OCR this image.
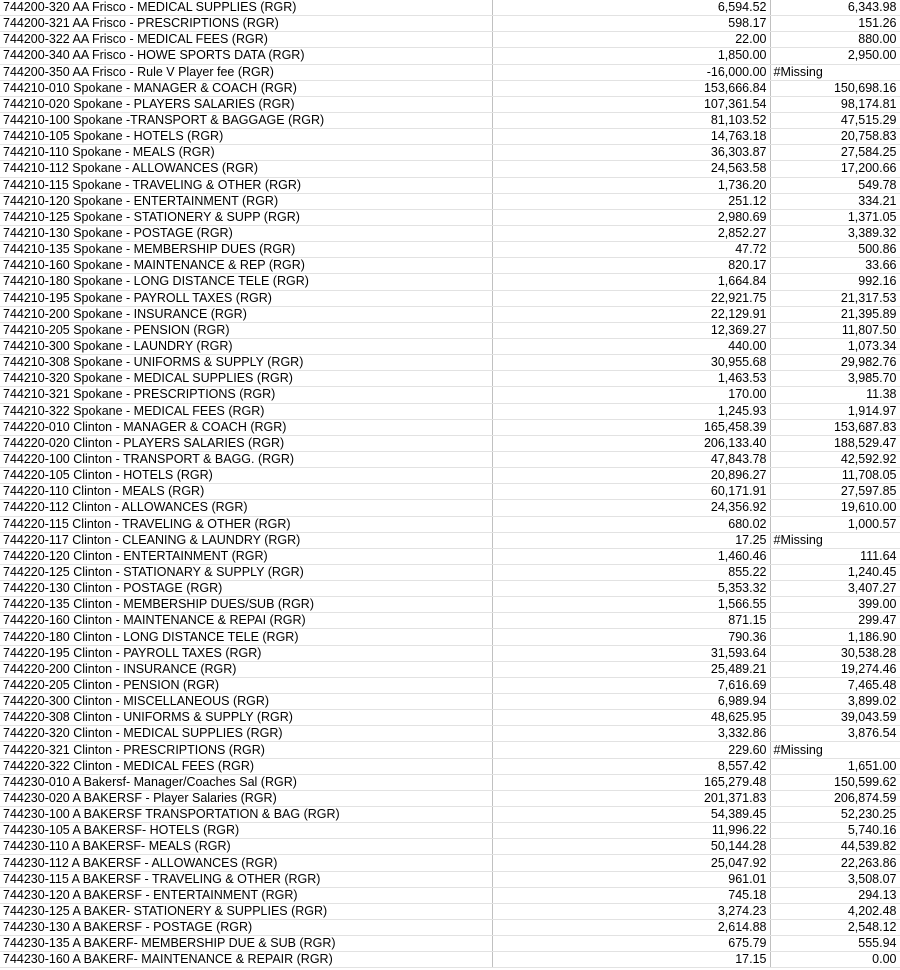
744200-320 AA Frisco - MEDICAL SUPPLIES (RGR)	6,594.52	6,343.98
744200-321 AA Frisco - PRESCRIPTIONS (RGR)	598.17	151.26
744200-322 AA Frisco - MEDICAL FEES (RGR)	22.00	880.00
744200-340 AA Frisco - HOWE SPORTS DATA (RGR)	1,850.00	2,950.00
744200-350 AA Frisco - Rule V Player fee (RGR)	-16,000.00	#Missing
744210-010 Spokane - MANAGER & COACH (RGR)	153,666.84	150,698.16
744210-020 Spokane - PLAYERS SALARIES (RGR)	107,361.54	98,174.81
744210-100 Spokane -TRANSPORT & BAGGAGE (RGR)	81,103.52	47,515.29
744210-105 Spokane - HOTELS (RGR)	14,763.18	20,758.83
744210-110 Spokane - MEALS (RGR)	36,303.87	27,584.25
744210-112 Spokane - ALLOWANCES (RGR)	24,563.58	17,200.66
744210-115 Spokane - TRAVELING & OTHER (RGR)	1,736.20	549.78
744210-120 Spokane - ENTERTAINMENT (RGR)	251.12	334.21
744210-125 Spokane - STATIONERY & SUPP (RGR)	2,980.69	1,371.05
744210-130 Spokane - POSTAGE (RGR)	2,852.27	3,389.32
744210-135 Spokane - MEMBERSHIP DUES (RGR)	47.72	500.86
744210-160 Spokane - MAINTENANCE & REP (RGR)	820.17	33.66
744210-180 Spokane - LONG DISTANCE TELE (RGR)	1,664.84	992.16
744210-195 Spokane - PAYROLL TAXES (RGR)	22,921.75	21,317.53
744210-200 Spokane - INSURANCE (RGR)	22,129.91	21,395.89
744210-205 Spokane - PENSION (RGR)	12,369.27	11,807.50
744210-300 Spokane - LAUNDRY (RGR)	440.00	1,073.34
744210-308 Spokane - UNIFORMS & SUPPLY (RGR)	30,955.68	29,982.76
744210-320 Spokane - MEDICAL SUPPLIES (RGR)	1,463.53	3,985.70
744210-321 Spokane - PRESCRIPTIONS (RGR)	170.00	11.38
744210-322 Spokane - MEDICAL FEES (RGR)	1,245.93	1,914.97
744220-010 Clinton - MANAGER & COACH (RGR)	165,458.39	153,687.83
744220-020 Clinton - PLAYERS SALARIES (RGR)	206,133.40	188,529.47
744220-100 Clinton - TRANSPORT & BAGG. (RGR)	47,843.78	42,592.92
744220-105 Clinton - HOTELS (RGR)	20,896.27	11,708.05
744220-110 Clinton - MEALS (RGR)	60,171.91	27,597.85
744220-112 Clinton - ALLOWANCES (RGR)	24,356.92	19,610.00
744220-115 Clinton - TRAVELING & OTHER (RGR)	680.02	1,000.57
744220-117 Clinton - CLEANING & LAUNDRY (RGR)	17.25	#Missing
744220-120 Clinton - ENTERTAINMENT (RGR)	1,460.46	111.64
744220-125 Clinton - STATIONARY & SUPPLY (RGR)	855.22	1,240.45
744220-130 Clinton - POSTAGE (RGR)	5,353.32	3,407.27
744220-135 Clinton - MEMBERSHIP DUES/SUB (RGR)	1,566.55	399.00
744220-160 Clinton - MAINTENANCE & REPAI (RGR)	871.15	299.47
744220-180 Clinton - LONG DISTANCE TELE (RGR)	790.36	1,186.90
744220-195 Clinton - PAYROLL TAXES (RGR)	31,593.64	30,538.28
744220-200 Clinton - INSURANCE (RGR)	25,489.21	19,274.46
744220-205 Clinton - PENSION (RGR)	7,616.69	7,465.48
744220-300 Clinton - MISCELLANEOUS (RGR)	6,989.94	3,899.02
744220-308 Clinton - UNIFORMS & SUPPLY (RGR)	48,625.95	39,043.59
744220-320 Clinton - MEDICAL SUPPLIES (RGR)	3,332.86	3,876.54
744220-321 Clinton - PRESCRIPTIONS (RGR)	229.60	#Missing
744220-322 Clinton - MEDICAL FEES (RGR)	8,557.42	1,651.00
744230-010 A Bakersf- Manager/Coaches Sal (RGR)	165,279.48	150,599.62
744230-020 A BAKERSF - Player Salaries (RGR)	201,371.83	206,874.59
744230-100 A BAKERSF TRANSPORTATION & BAG (RGR)	54,389.45	52,230.25
744230-105 A BAKERSF- HOTELS (RGR)	11,996.22	5,740.16
744230-110 A BAKERSF- MEALS (RGR)	50,144.28	44,539.82
744230-112 A BAKERSF - ALLOWANCES (RGR)	25,047.92	22,263.86
744230-115 A BAKERSF - TRAVELING & OTHER (RGR)	961.01	3,508.07
744230-120 A BAKERSF - ENTERTAINMENT (RGR)	745.18	294.13
744230-125 A BAKER- STATIONERY & SUPPLIES (RGR)	3,274.23	4,202.48
744230-130 A BAKERSF - POSTAGE (RGR)	2,614.88	2,548.12
744230-135 A BAKERF- MEMBERSHIP DUE & SUB (RGR)	675.79	555.94
744230-160 A BAKERF- MAINTENANCE & REPAIR (RGR)	17.15	0.00
